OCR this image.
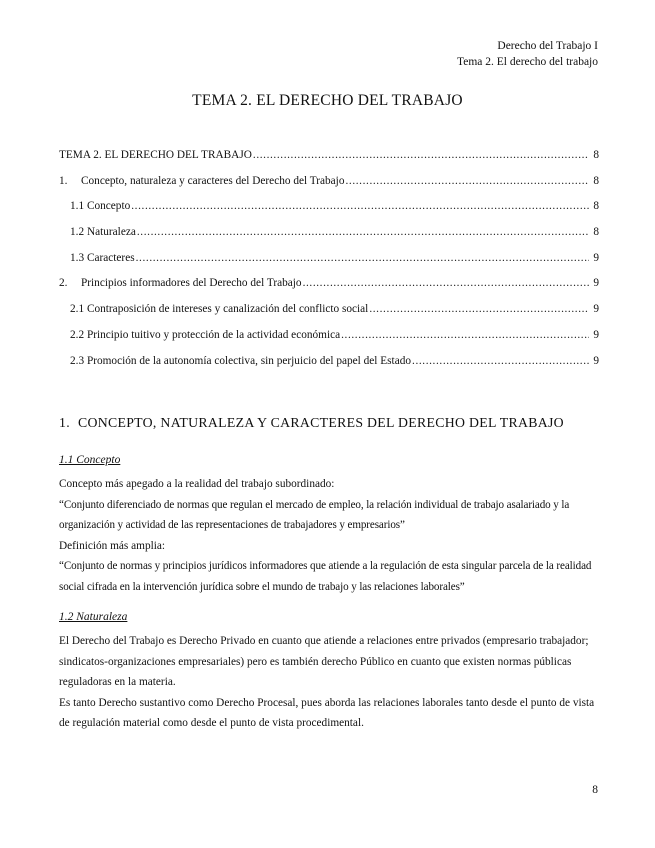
Derecho del Trabajo I
Tema 2. El derecho del trabajo
TEMA 2. EL DERECHO DEL TRABAJO
TEMA 2. EL DERECHO DEL TRABAJO .....	8
1.	Concepto, naturaleza y caracteres del Derecho del Trabajo .....	8
1.1 Concepto .....	8
1.2 Naturaleza .....	8
1.3 Caracteres .....	9
2.	Principios informadores del Derecho del Trabajo .....	9
2.1 Contraposición de intereses y canalización del conflicto social .....	9
2.2 Principio tuitivo y protección de la actividad económica .....	9
2.3 Promoción de la autonomía colectiva, sin perjuicio del papel del Estado .....	9
1. CONCEPTO, NATURALEZA Y CARACTERES DEL DERECHO DEL TRABAJO
1.1 Concepto

Concepto más apegado a la realidad del trabajo subordinado:

“Conjunto diferenciado de normas que regulan el mercado de empleo, la relación individual de trabajo asalariado y la organización y actividad de las representaciones de trabajadores y empresarios”

Definición más amplia:

“Conjunto de normas y principios jurídicos informadores que atiende a la regulación de esta singular parcela de la realidad social cifrada en la intervención jurídica sobre el mundo de trabajo y las relaciones laborales”

1.2 Naturaleza

El Derecho del Trabajo es Derecho Privado en cuanto que atiende a relaciones entre privados (empresario trabajador; sindicatos-organizaciones empresariales) pero es también derecho Público en cuanto que existen normas públicas reguladoras en la materia.

Es tanto Derecho sustantivo como Derecho Procesal, pues aborda las relaciones laborales tanto desde el punto de vista de regulación material como desde el punto de vista procedimental.

8
